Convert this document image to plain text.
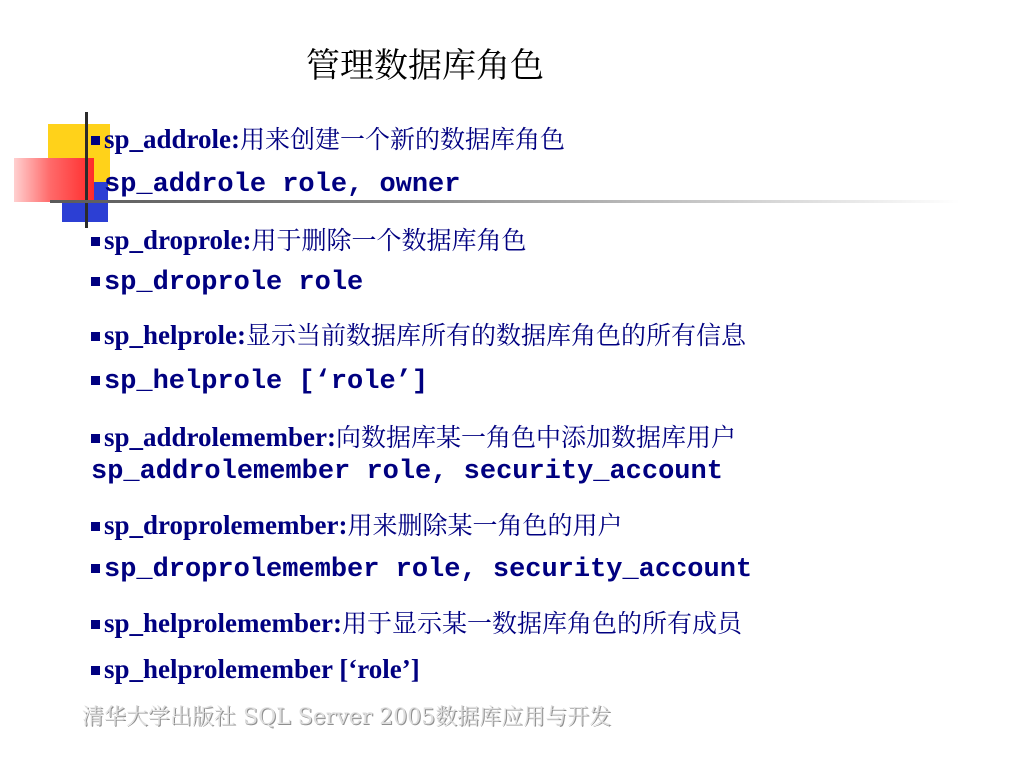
管理数据库角色
sp_addrole:用来创建一个新的数据库角色
sp_addrole role, owner
sp_droprole:用于删除一个数据库角色
sp_droprole role
sp_helprole:显示当前数据库所有的数据库角色的所有信息
sp_helprole [‘role’]
sp_addrolemember:向数据库某一角色中添加数据库用户
sp_addrolemember role, security_account
sp_droprolemember:用来删除某一角色的用户
sp_droprolemember role, security_account
sp_helprolemember:用于显示某一数据库角色的所有成员
sp_helprolemember [‘role’]
清华大学出版社 SQL Server 2005数据库应用与开发
